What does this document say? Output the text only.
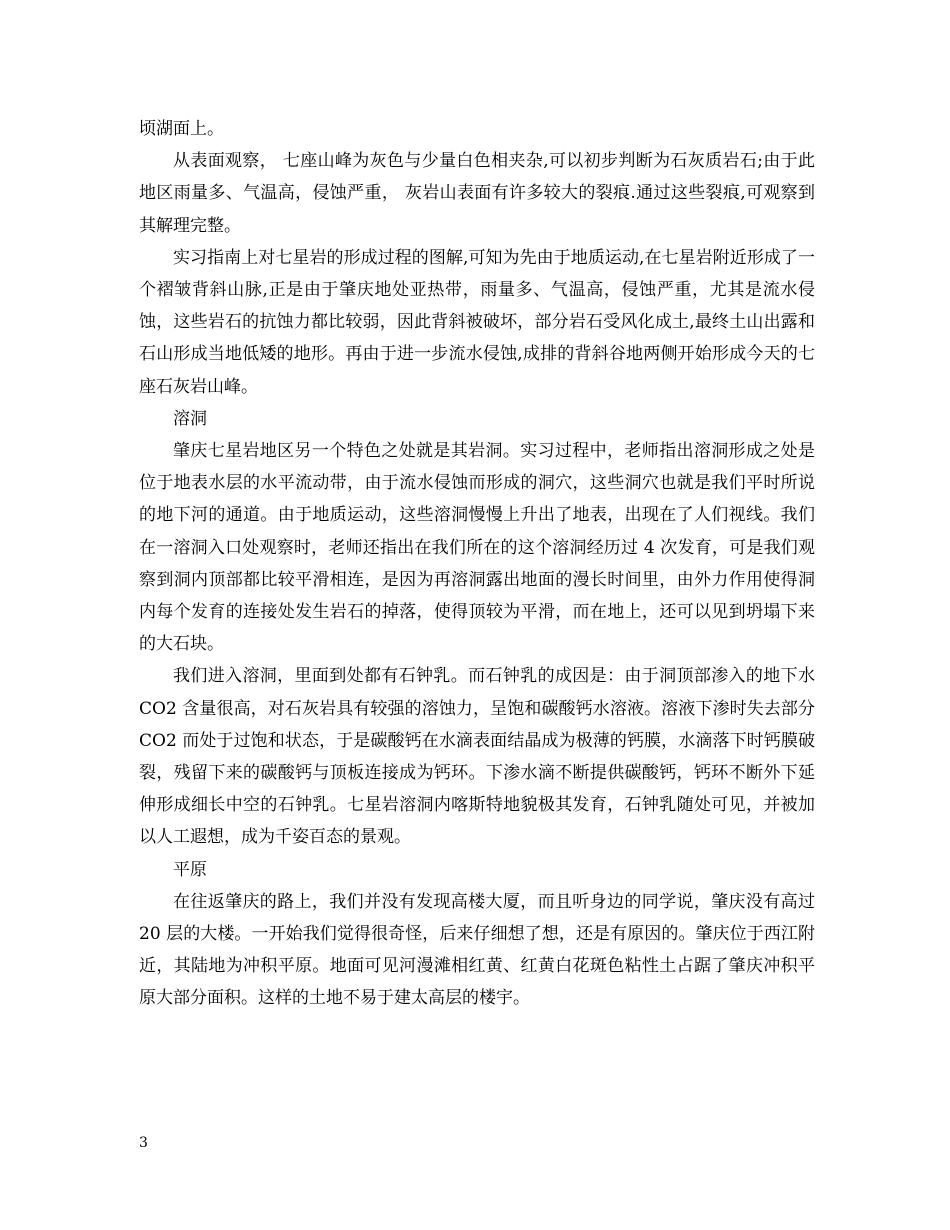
顷湖面上。

从表面观察， 七座山峰为灰色与少量白色相夹杂,可以初步判断为石灰质岩石;由于此地区雨量多、气温高，侵蚀严重， 灰岩山表面有许多较大的裂痕.通过这些裂痕,可观察到其解理完整。

实习指南上对七星岩的形成过程的图解,可知为先由于地质运动,在七星岩附近形成了一个褶皱背斜山脉,正是由于肇庆地处亚热带，雨量多、气温高，侵蚀严重，尤其是流水侵蚀，这些岩石的抗蚀力都比较弱，因此背斜被破坏，部分岩石受风化成土,最终土山出露和石山形成当地低矮的地形。再由于进一步流水侵蚀,成排的背斜谷地两侧开始形成今天的七座石灰岩山峰。

溶洞

肇庆七星岩地区另一个特色之处就是其岩洞。实习过程中，老师指出溶洞形成之处是位于地表水层的水平流动带，由于流水侵蚀而形成的洞穴，这些洞穴也就是我们平时所说的地下河的通道。由于地质运动，这些溶洞慢慢上升出了地表，出现在了人们视线。我们在一溶洞入口处观察时，老师还指出在我们所在的这个溶洞经历过 4 次发育，可是我们观察到洞内顶部都比较平滑相连，是因为再溶洞露出地面的漫长时间里，由外力作用使得洞内每个发育的连接处发生岩石的掉落，使得顶较为平滑，而在地上，还可以见到坍塌下来的大石块。

我们进入溶洞，里面到处都有石钟乳。而石钟乳的成因是：由于洞顶部渗入的地下水 CO2 含量很高，对石灰岩具有较强的溶蚀力，呈饱和碳酸钙水溶液。溶液下渗时失去部分 CO2 而处于过饱和状态，于是碳酸钙在水滴表面结晶成为极薄的钙膜，水滴落下时钙膜破裂，残留下来的碳酸钙与顶板连接成为钙环。下渗水滴不断提供碳酸钙，钙环不断外下延伸形成细长中空的石钟乳。七星岩溶洞内喀斯特地貌极其发育，石钟乳随处可见，并被加以人工遐想，成为千姿百态的景观。

平原

在往返肇庆的路上，我们并没有发现高楼大厦，而且听身边的同学说，肇庆没有高过 20 层的大楼。一开始我们觉得很奇怪，后来仔细想了想，还是有原因的。肇庆位于西江附近，其陆地为冲积平原。地面可见河漫滩相红黄、红黄白花斑色粘性土占踞了肇庆冲积平原大部分面积。这样的土地不易于建太高层的楼宇。

3
